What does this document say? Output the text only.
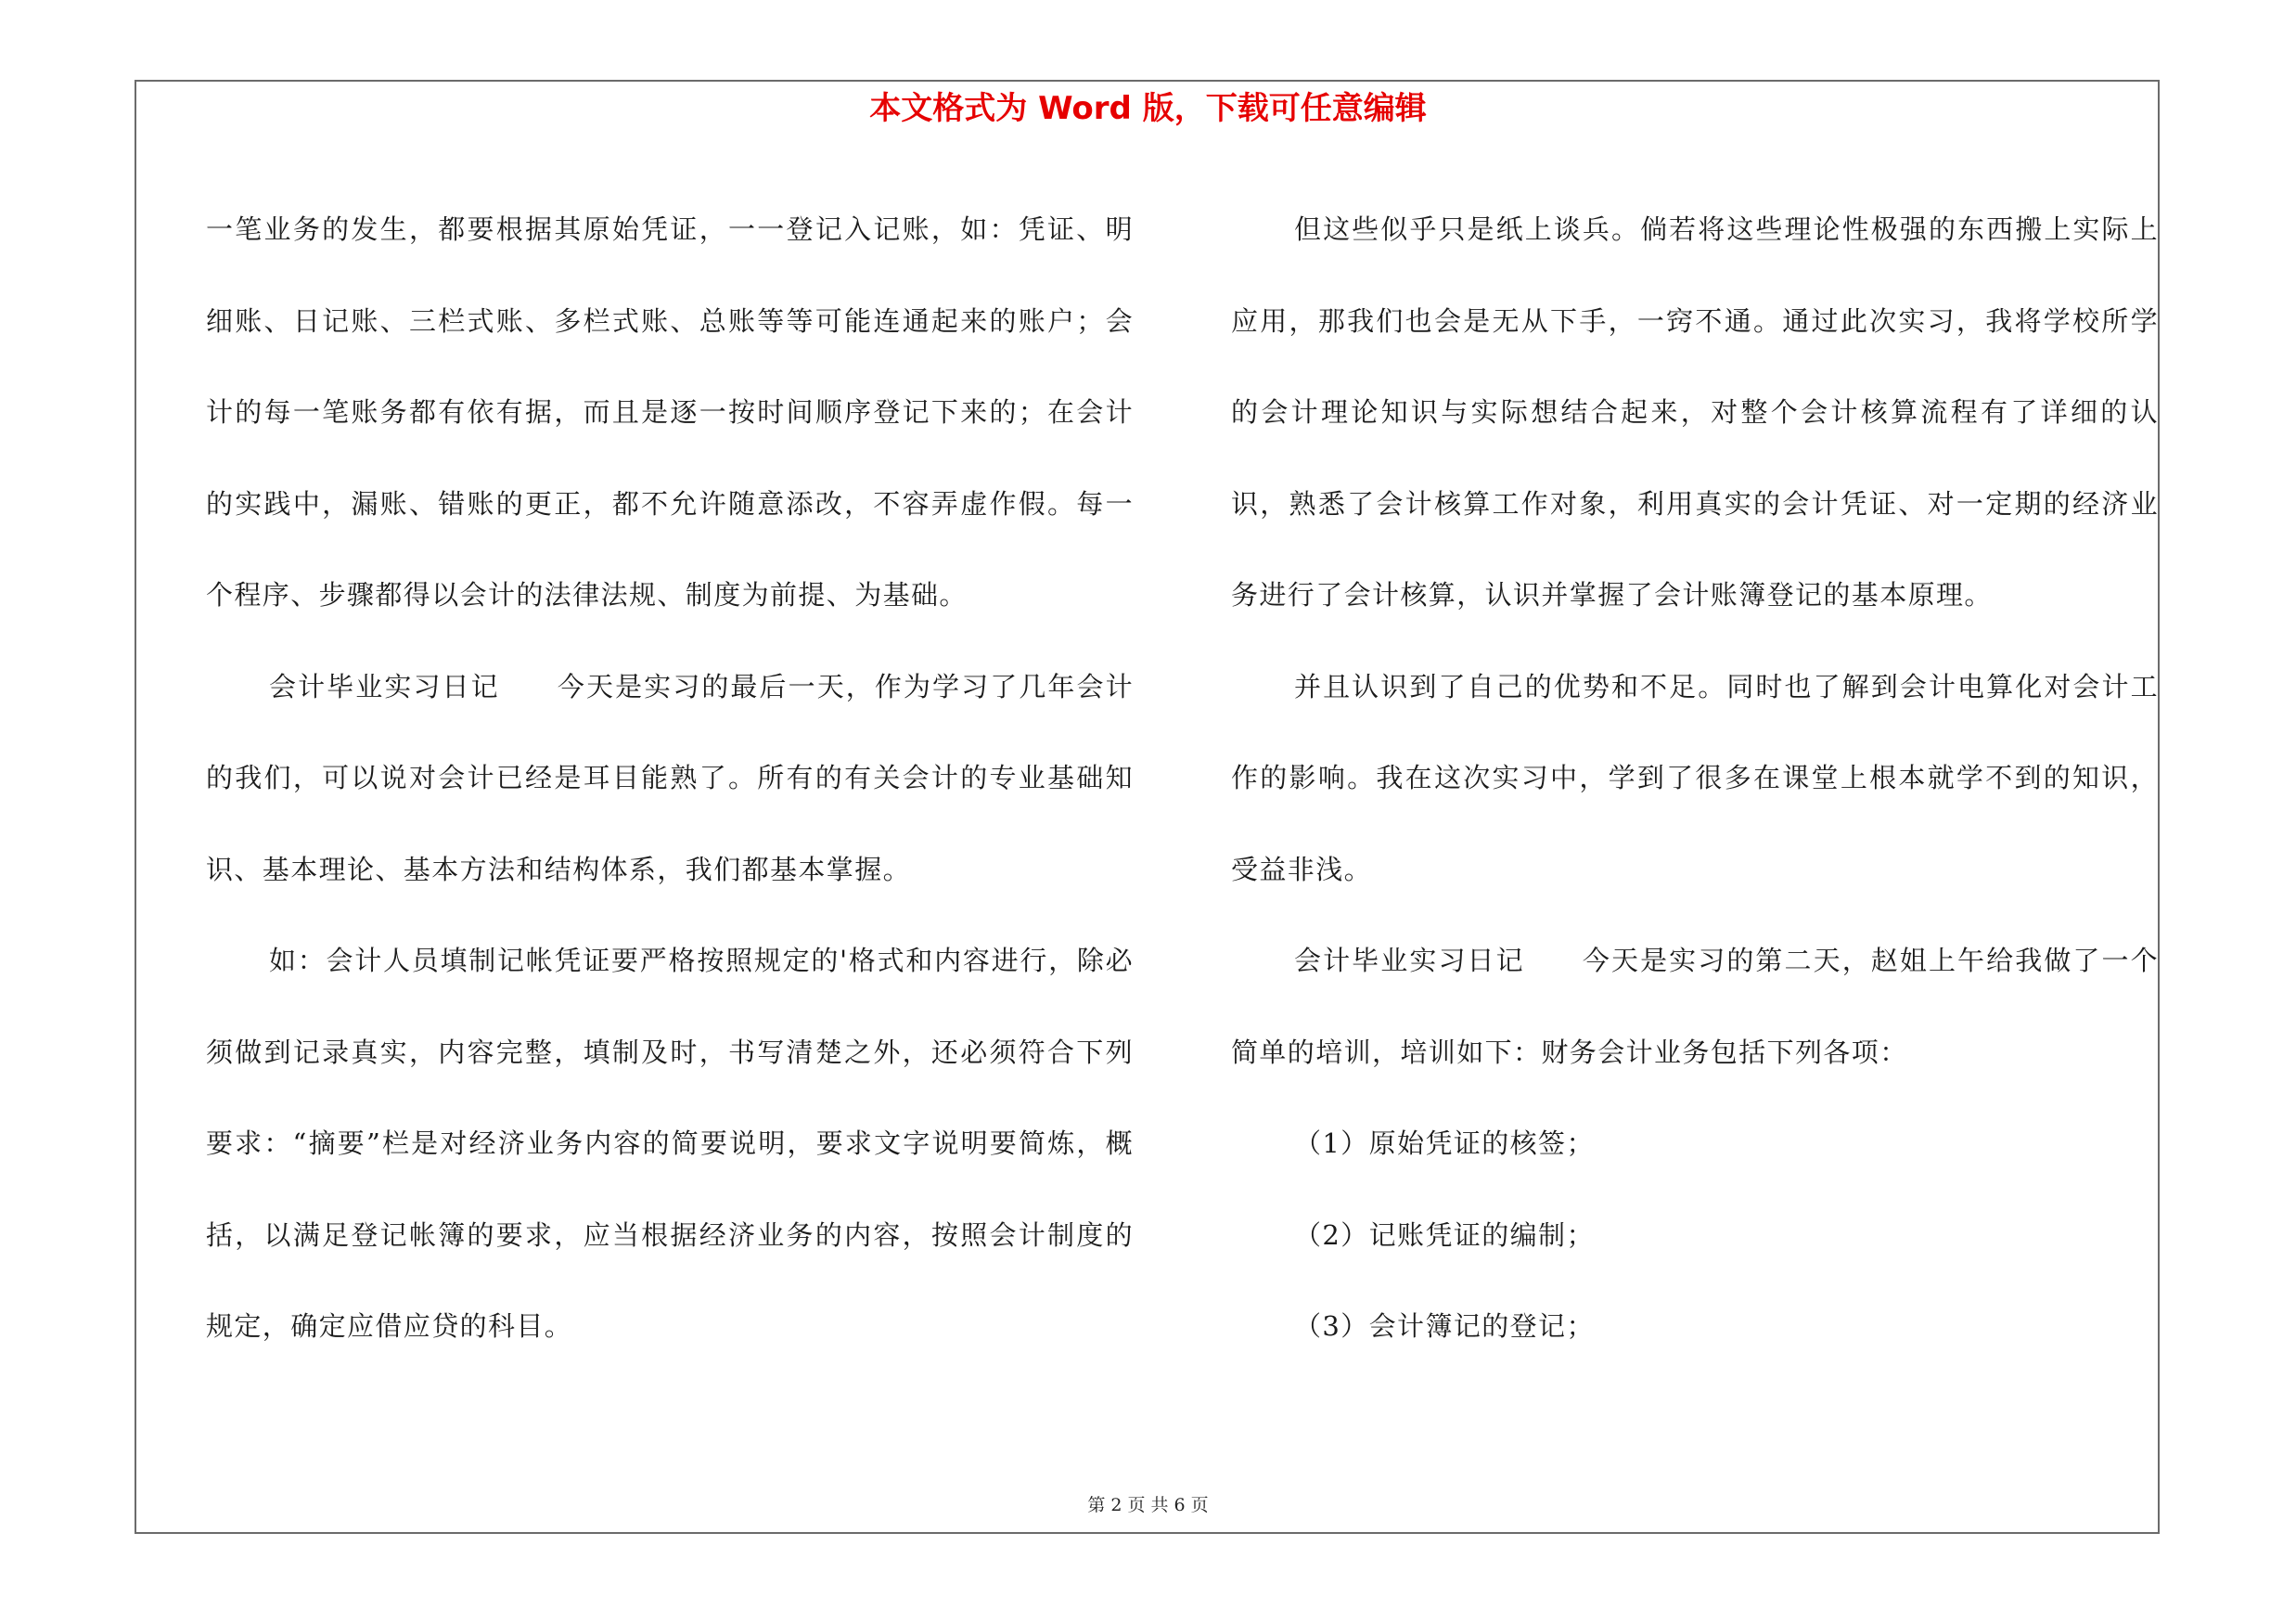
本文格式为 Word 版，下载可任意编辑

一笔业务的发生，都要根据其原始凭证，一一登记入记账，如：凭证、明细账、日记账、三栏式账、多栏式账、总账等等可能连通起来的账户；会计的每一笔账务都有依有据，而且是逐一按时间顺序登记下来的；在会计的实践中，漏账、错账的更正，都不允许随意添改，不容弄虚作假。每一个程序、步骤都得以会计的法律法规、制度为前提、为基础。

会计毕业实习日记　　今天是实习的最后一天，作为学习了几年会计的我们，可以说对会计已经是耳目能熟了。所有的有关会计的专业基础知识、基本理论、基本方法和结构体系，我们都基本掌握。

如：会计人员填制记帐凭证要严格按照规定的'格式和内容进行，除必须做到记录真实，内容完整，填制及时，书写清楚之外，还必须符合下列要求：“摘要”栏是对经济业务内容的简要说明，要求文字说明要简炼，概括，以满足登记帐簿的要求，应当根据经济业务的内容，按照会计制度的规定，确定应借应贷的科目。

但这些似乎只是纸上谈兵。倘若将这些理论性极强的东西搬上实际上应用，那我们也会是无从下手，一窍不通。通过此次实习，我将学校所学的会计理论知识与实际想结合起来，对整个会计核算流程有了详细的认识，熟悉了会计核算工作对象，利用真实的会计凭证、对一定期的经济业务进行了会计核算，认识并掌握了会计账簿登记的基本原理。

并且认识到了自己的优势和不足。同时也了解到会计电算化对会计工作的影响。我在这次实习中，学到了很多在课堂上根本就学不到的知识，受益非浅。

会计毕业实习日记　　今天是实习的第二天，赵姐上午给我做了一个简单的培训，培训如下：财务会计业务包括下列各项：

（1）原始凭证的核签；

（2）记账凭证的编制；

（3）会计簿记的登记；

第 2 页 共 6 页
